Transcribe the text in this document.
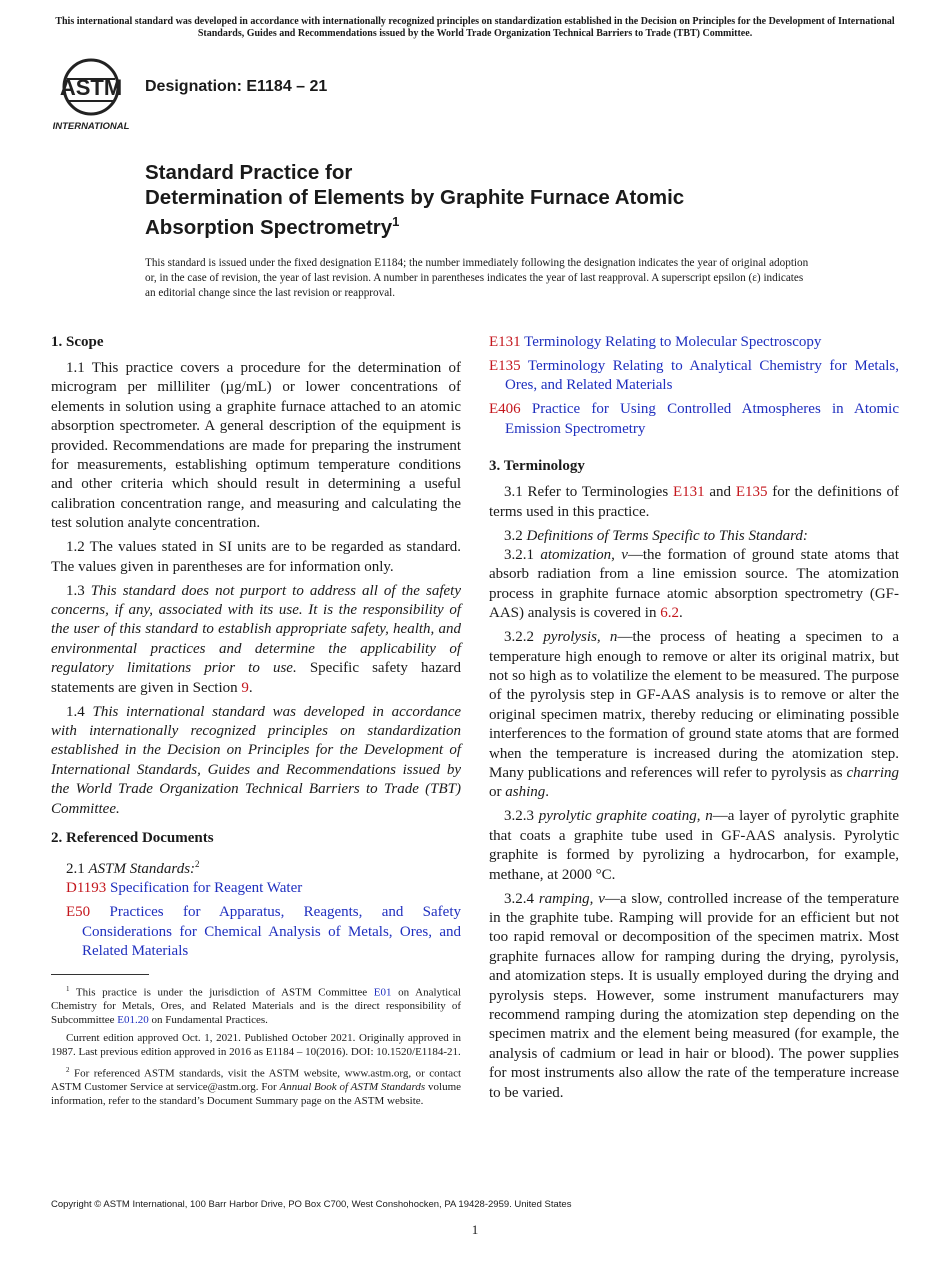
This international standard was developed in accordance with internationally recognized principles on standardization established in the Decision on Principles for the Development of International Standards, Guides and Recommendations issued by the World Trade Organization Technical Barriers to Trade (TBT) Committee.
ASTM
INTERNATIONAL
Designation: E1184 – 21
Standard Practice for
Determination of Elements by Graphite Furnace Atomic
Absorption Spectrometry$^1$
This standard is issued under the fixed designation E1184; the number immediately following the designation indicates the year of original adoption or, in the case of revision, the year of last revision. A number in parentheses indicates the year of last reapproval. A superscript epsilon (ε) indicates an editorial change since the last revision or reapproval.
1. Scope

1.1 This practice covers a procedure for the determination of microgram per milliliter (µg/mL) or lower concentrations of elements in solution using a graphite furnace attached to an atomic absorption spectrometer. A general description of the equipment is provided. Recommendations are made for preparing the instrument for measurements, establishing optimum temperature conditions and other criteria which should result in determining a useful calibration concentration range, and measuring and calculating the test solution analyte concentration.

1.2 The values stated in SI units are to be regarded as standard. The values given in parentheses are for information only.

1.3 This standard does not purport to address all of the safety concerns, if any, associated with its use. It is the responsibility of the user of this standard to establish appropriate safety, health, and environmental practices and determine the applicability of regulatory limitations prior to use. Specific safety hazard statements are given in Section 9.

1.4 This international standard was developed in accordance with internationally recognized principles on standardization established in the Decision on Principles for the Development of International Standards, Guides and Recommendations issued by the World Trade Organization Technical Barriers to Trade (TBT) Committee.

2. Referenced Documents

2.1 ASTM Standards:$^2$

D1193 Specification for Reagent Water

E50 Practices for Apparatus, Reagents, and Safety Considerations for Chemical Analysis of Metals, Ores, and Related Materials

$^1$ This practice is under the jurisdiction of ASTM Committee E01 on Analytical Chemistry for Metals, Ores, and Related Materials and is the direct responsibility of Subcommittee E01.20 on Fundamental Practices.

Current edition approved Oct. 1, 2021. Published October 2021. Originally approved in 1987. Last previous edition approved in 2016 as E1184 – 10(2016). DOI: 10.1520/E1184-21.

$^2$ For referenced ASTM standards, visit the ASTM website, www.astm.org, or contact ASTM Customer Service at service@astm.org. For Annual Book of ASTM Standards volume information, refer to the standard’s Document Summary page on the ASTM website.

E131 Terminology Relating to Molecular Spectroscopy

E135 Terminology Relating to Analytical Chemistry for Metals, Ores, and Related Materials

E406 Practice for Using Controlled Atmospheres in Atomic Emission Spectrometry

3. Terminology

3.1 Refer to Terminologies E131 and E135 for the definitions of terms used in this practice.

3.2 Definitions of Terms Specific to This Standard:

3.2.1 atomization, v—the formation of ground state atoms that absorb radiation from a line emission source. The atomization process in graphite furnace atomic absorption spectrometry (GF-AAS) analysis is covered in 6.2.

3.2.2 pyrolysis, n—the process of heating a specimen to a temperature high enough to remove or alter its original matrix, but not so high as to volatilize the element to be measured. The purpose of the pyrolysis step in GF-AAS analysis is to remove or alter the original specimen matrix, thereby reducing or eliminating possible interferences to the formation of ground state atoms that are formed when the temperature is increased during the atomization step. Many publications and references will refer to pyrolysis as charring or ashing.

3.2.3 pyrolytic graphite coating, n—a layer of pyrolytic graphite that coats a graphite tube used in GF-AAS analysis. Pyrolytic graphite is formed by pyrolizing a hydrocarbon, for example, methane, at 2000 °C.

3.2.4 ramping, v—a slow, controlled increase of the temperature in the graphite tube. Ramping will provide for an efficient but not too rapid removal or decomposition of the specimen matrix. Most graphite furnaces allow for ramping during the drying, pyrolysis, and atomization steps. It is usually employed during the drying and pyrolysis steps. However, some instrument manufacturers may recommend ramping during the atomization step depending on the specimen matrix and the element being measured (for example, the analysis of cadmium or lead in hair or blood). The power supplies for most instruments also allow the rate of the temperature increase to be varied.

Copyright © ASTM International, 100 Barr Harbor Drive, PO Box C700, West Conshohocken, PA 19428-2959. United States
1
